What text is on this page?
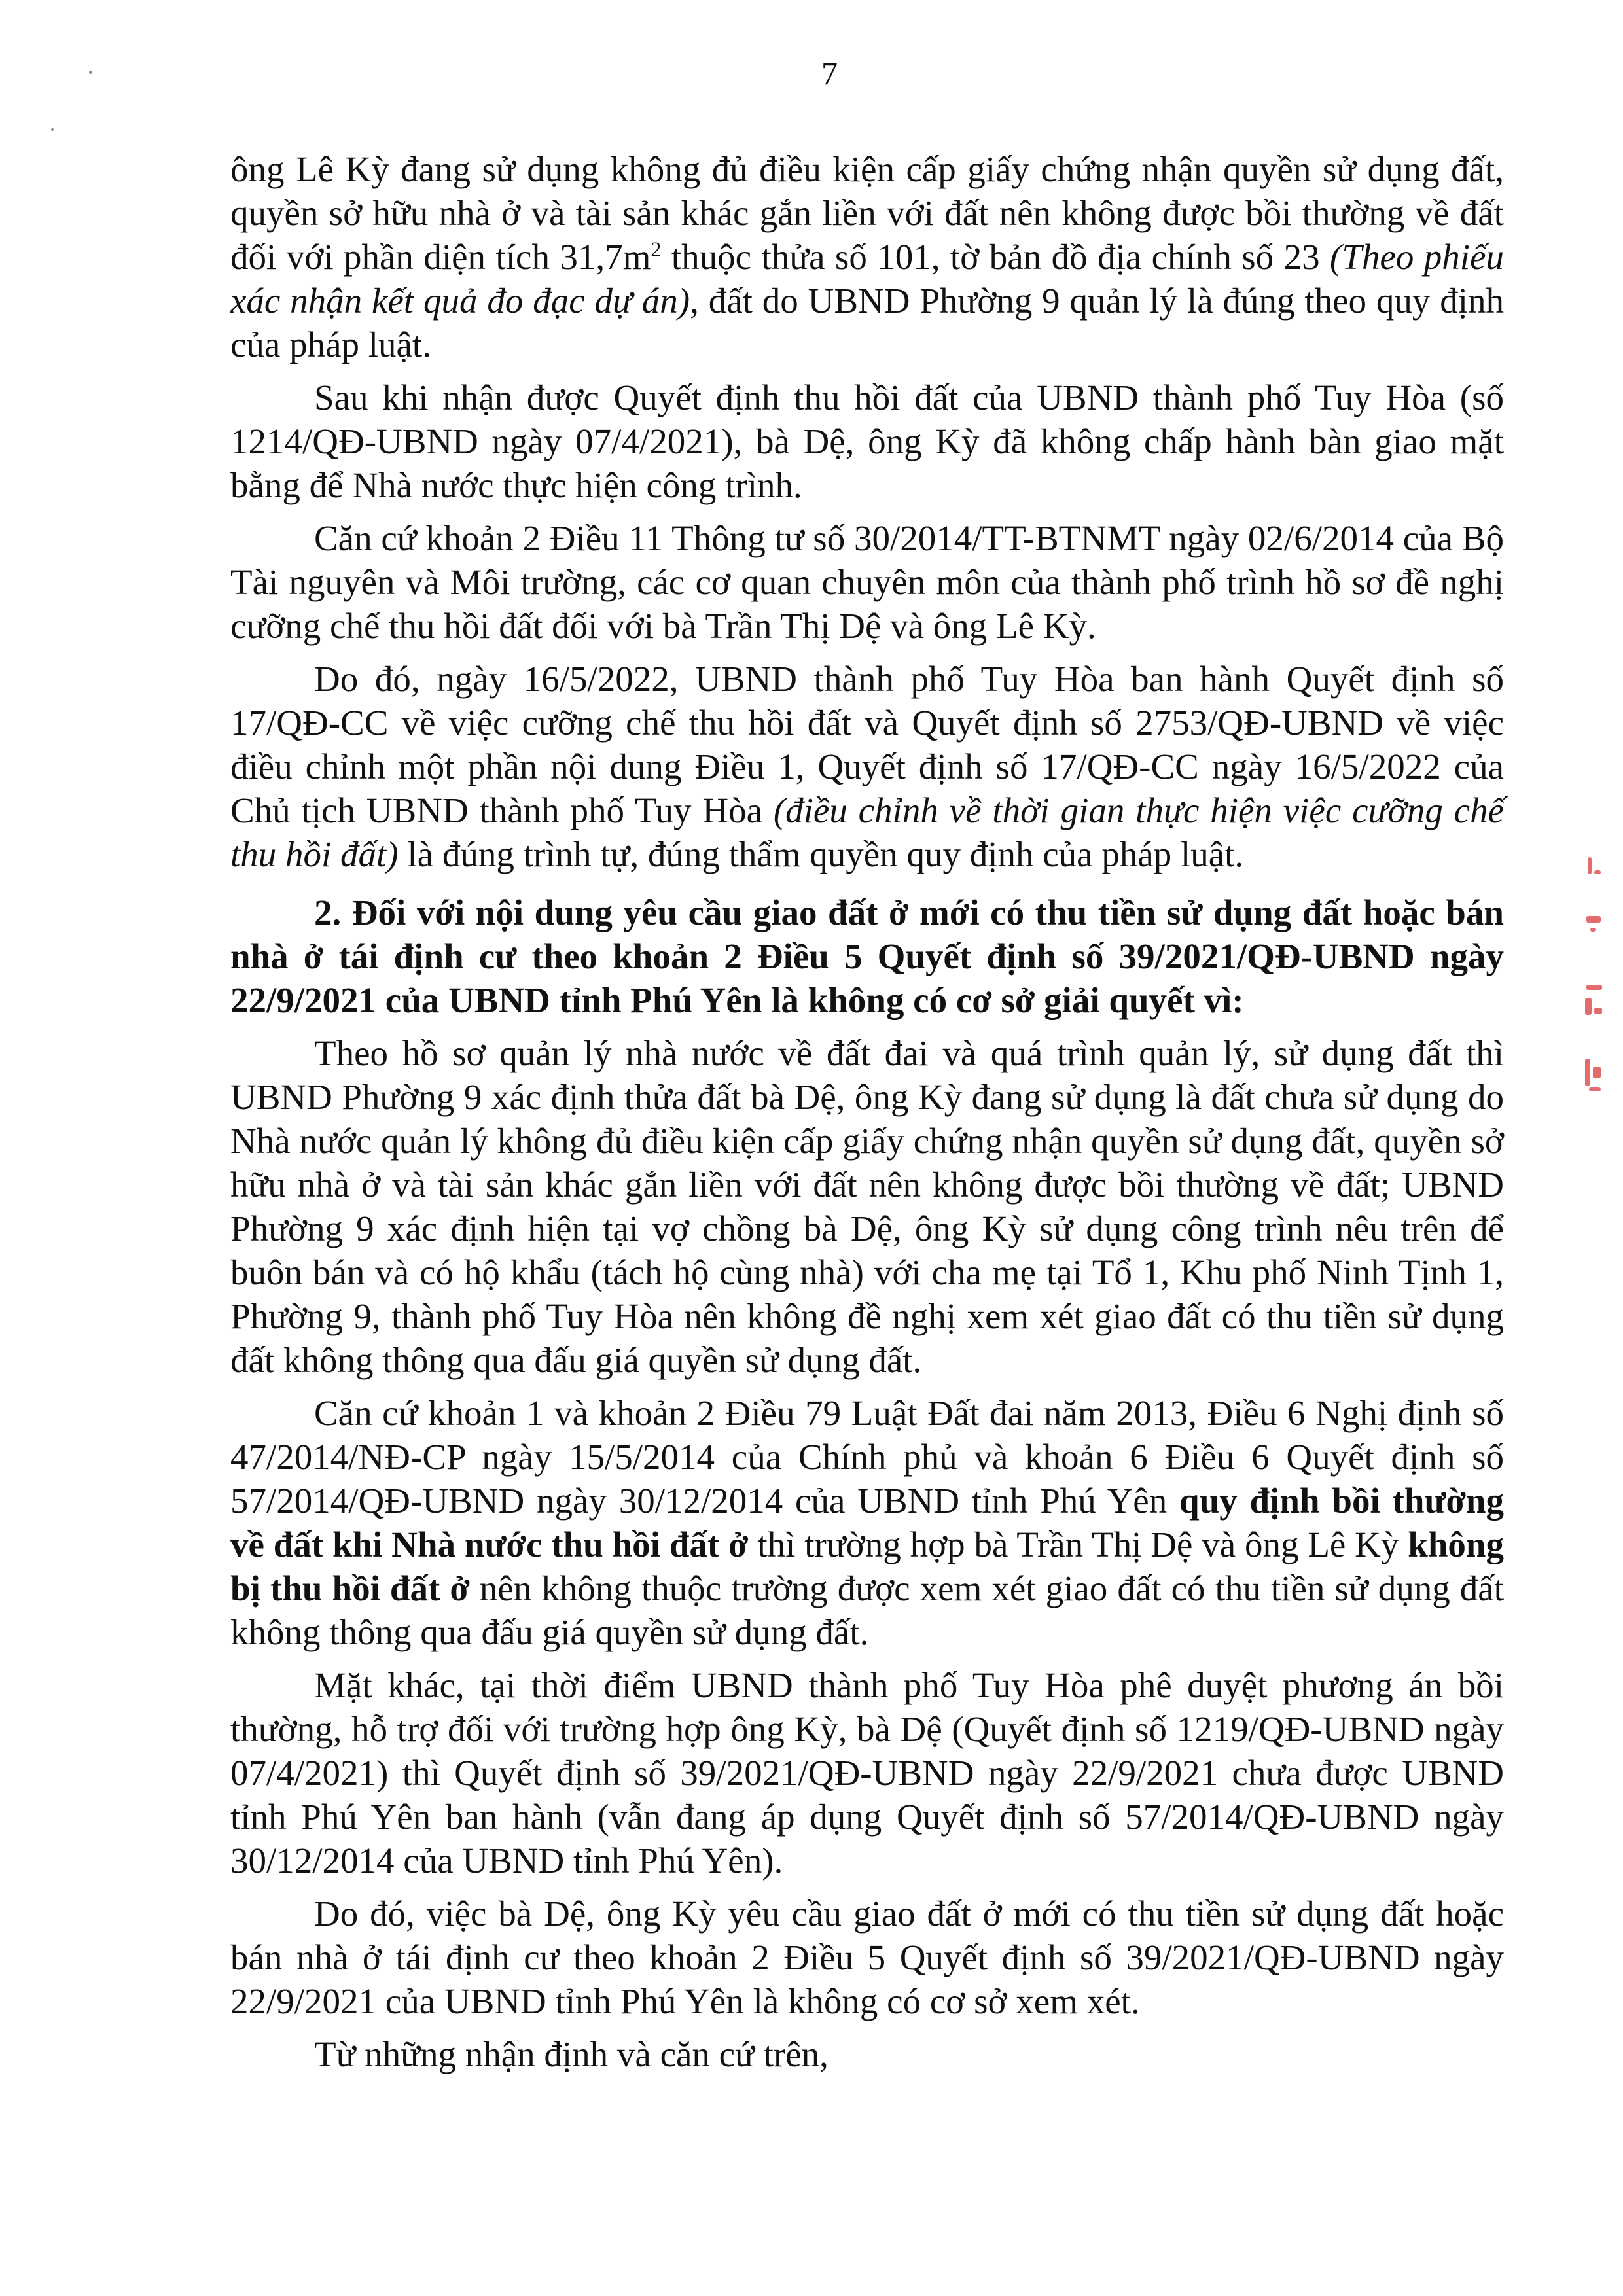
7

ông Lê Kỳ đang sử dụng không đủ điều kiện cấp giấy chứng nhận quyền sử dụng đất, quyền sở hữu nhà ở và tài sản khác gắn liền với đất nên không được bồi thường về đất đối với phần diện tích $31,7m^2$ thuộc thửa số 101, tờ bản đồ địa chính số 23 (Theo phiếu xác nhận kết quả đo đạc dự án), đất do UBND Phường 9 quản lý là đúng theo quy định của pháp luật.

Sau khi nhận được Quyết định thu hồi đất của UBND thành phố Tuy Hòa (số 1214/QĐ-UBND ngày 07/4/2021), bà Dệ, ông Kỳ đã không chấp hành bàn giao mặt bằng để Nhà nước thực hiện công trình.

Căn cứ khoản 2 Điều 11 Thông tư số 30/2014/TT-BTNMT ngày 02/6/2014 của Bộ Tài nguyên và Môi trường, các cơ quan chuyên môn của thành phố trình hồ sơ đề nghị cưỡng chế thu hồi đất đối với bà Trần Thị Dệ và ông Lê Kỳ.

Do đó, ngày 16/5/2022, UBND thành phố Tuy Hòa ban hành Quyết định số 17/QĐ-CC về việc cưỡng chế thu hồi đất và Quyết định số 2753/QĐ-UBND về việc điều chỉnh một phần nội dung Điều 1, Quyết định số 17/QĐ-CC ngày 16/5/2022 của Chủ tịch UBND thành phố Tuy Hòa (điều chỉnh về thời gian thực hiện việc cưỡng chế thu hồi đất) là đúng trình tự, đúng thẩm quyền quy định của pháp luật.

2. Đối với nội dung yêu cầu giao đất ở mới có thu tiền sử dụng đất hoặc bán nhà ở tái định cư theo khoản 2 Điều 5 Quyết định số 39/2021/QĐ-UBND ngày 22/9/2021 của UBND tỉnh Phú Yên là không có cơ sở giải quyết vì:

Theo hồ sơ quản lý nhà nước về đất đai và quá trình quản lý, sử dụng đất thì UBND Phường 9 xác định thửa đất bà Dệ, ông Kỳ đang sử dụng là đất chưa sử dụng do Nhà nước quản lý không đủ điều kiện cấp giấy chứng nhận quyền sử dụng đất, quyền sở hữu nhà ở và tài sản khác gắn liền với đất nên không được bồi thường về đất; UBND Phường 9 xác định hiện tại vợ chồng bà Dệ, ông Kỳ sử dụng công trình nêu trên để buôn bán và có hộ khẩu (tách hộ cùng nhà) với cha mẹ tại Tổ 1, Khu phố Ninh Tịnh 1, Phường 9, thành phố Tuy Hòa nên không đề nghị xem xét giao đất có thu tiền sử dụng đất không thông qua đấu giá quyền sử dụng đất.

Căn cứ khoản 1 và khoản 2 Điều 79 Luật Đất đai năm 2013, Điều 6 Nghị định số 47/2014/NĐ-CP ngày 15/5/2014 của Chính phủ và khoản 6 Điều 6 Quyết định số 57/2014/QĐ-UBND ngày 30/12/2014 của UBND tỉnh Phú Yên quy định bồi thường về đất khi Nhà nước thu hồi đất ở thì trường hợp bà Trần Thị Dệ và ông Lê Kỳ không bị thu hồi đất ở nên không thuộc trường được xem xét giao đất có thu tiền sử dụng đất không thông qua đấu giá quyền sử dụng đất.

Mặt khác, tại thời điểm UBND thành phố Tuy Hòa phê duyệt phương án bồi thường, hỗ trợ đối với trường hợp ông Kỳ, bà Dệ (Quyết định số 1219/QĐ-UBND ngày 07/4/2021) thì Quyết định số 39/2021/QĐ-UBND ngày 22/9/2021 chưa được UBND tỉnh Phú Yên ban hành (vẫn đang áp dụng Quyết định số 57/2014/QĐ-UBND ngày 30/12/2014 của UBND tỉnh Phú Yên).

Do đó, việc bà Dệ, ông Kỳ yêu cầu giao đất ở mới có thu tiền sử dụng đất hoặc bán nhà ở tái định cư theo khoản 2 Điều 5 Quyết định số 39/2021/QĐ-UBND ngày 22/9/2021 của UBND tỉnh Phú Yên là không có cơ sở xem xét.

Từ những nhận định và căn cứ trên,
